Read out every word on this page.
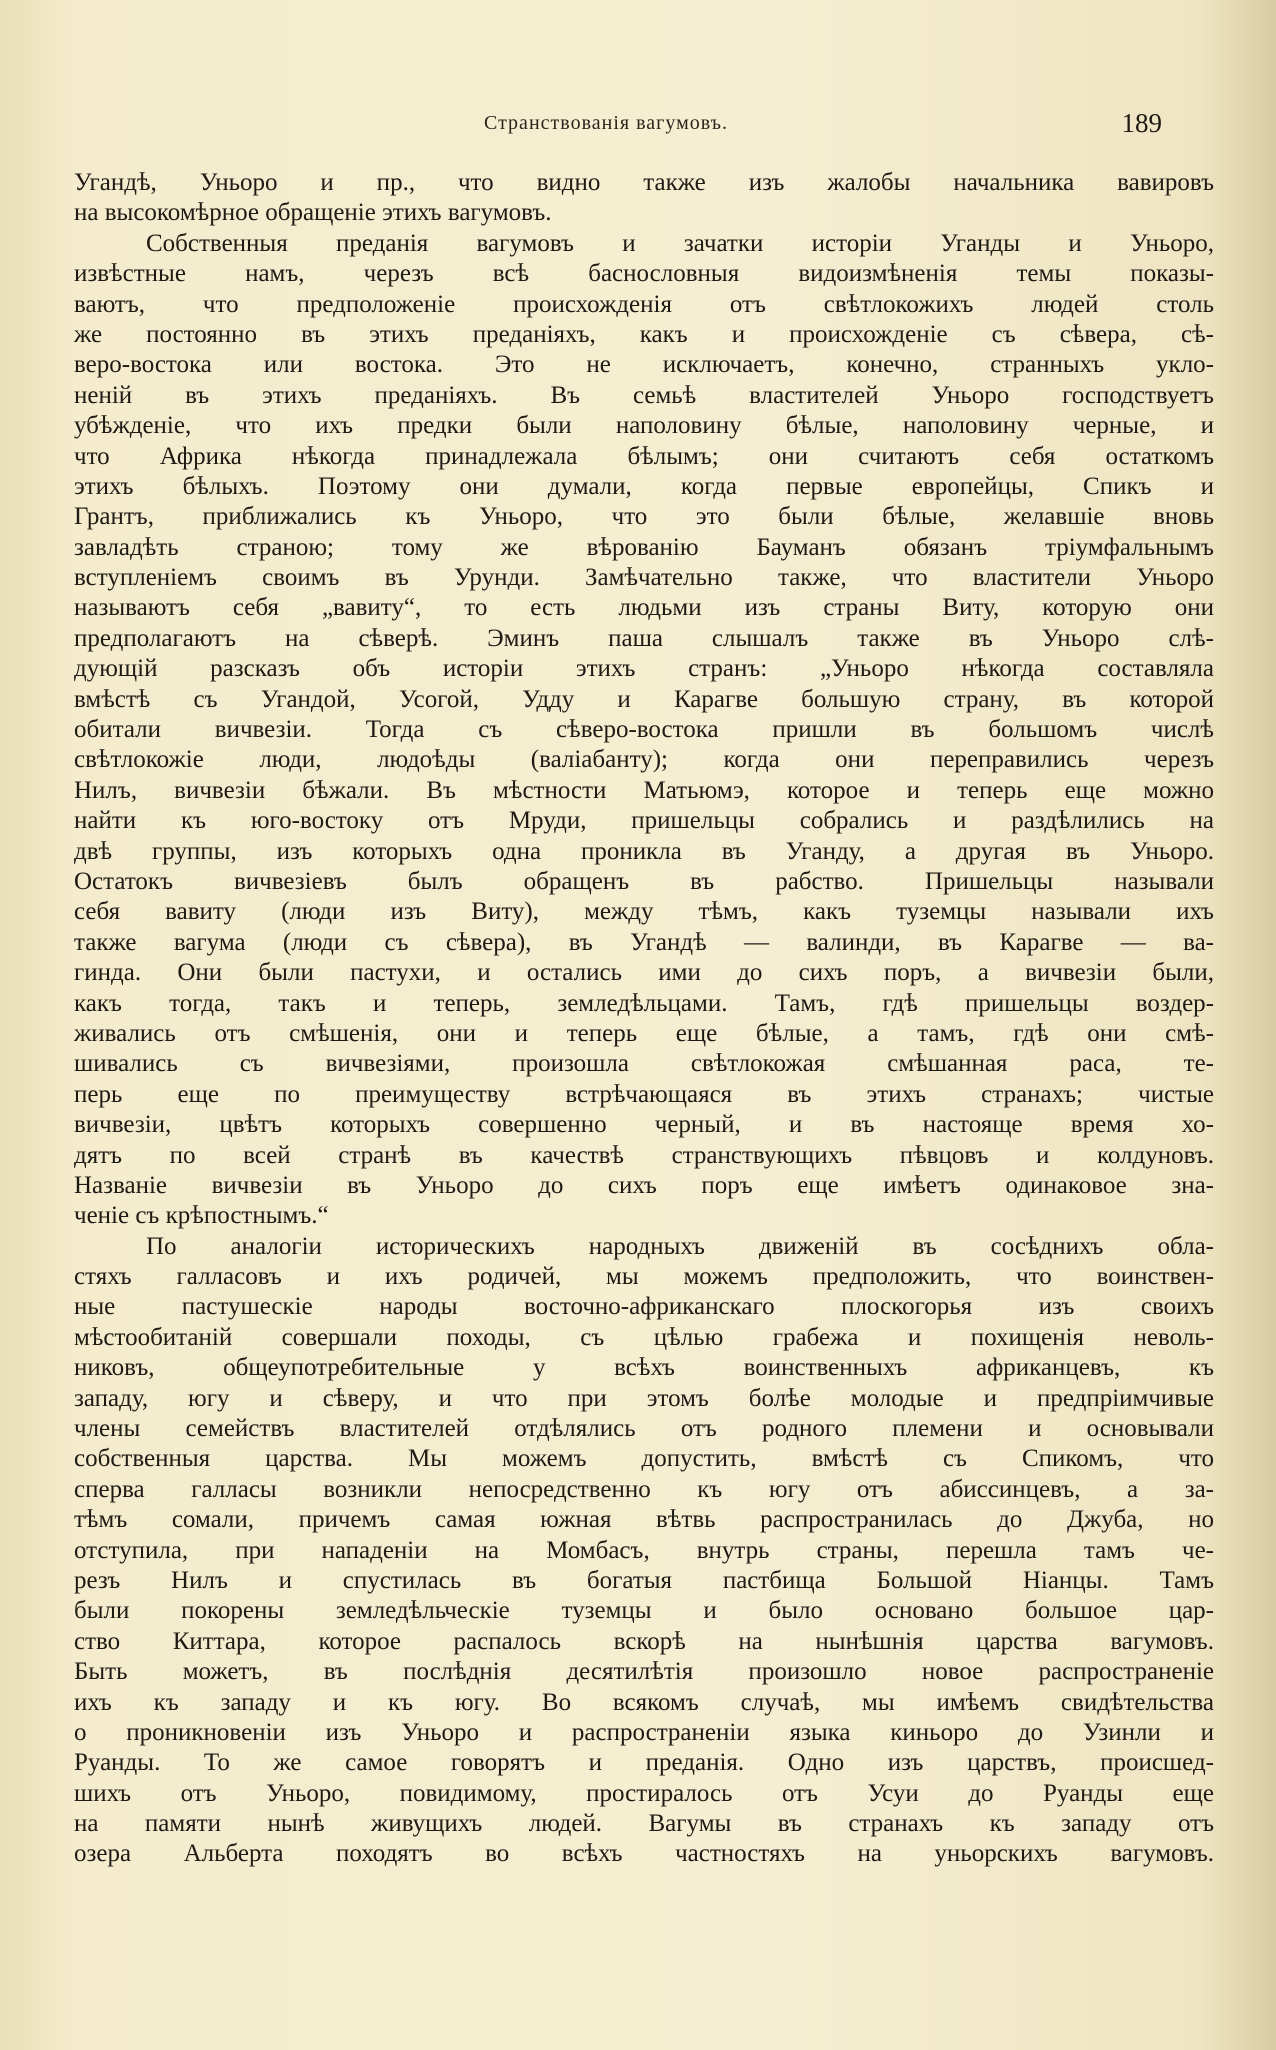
Странствованія вагумовъ.	189
Угандѣ, Уньоро и пр., что видно также изъ жалобы начальника вавировъ
на высокомѣрное обращеніе этихъ вагумовъ.
Собственныя преданія вагумовъ и зачатки исторіи Уганды и Уньоро,
извѣстные намъ, черезъ всѣ баснословныя видоизмѣненія темы показы-
ваютъ, что предположеніе происхожденія отъ свѣтлокожихъ людей столь
же постоянно въ этихъ преданіяхъ, какъ и происхожденіе съ сѣвера, сѣ-
веро-востока или востока. Это не исключаетъ, конечно, странныхъ укло-
неній въ этихъ преданіяхъ. Въ семьѣ властителей Уньоро господствуетъ
убѣжденіе, что ихъ предки были наполовину бѣлые, наполовину черные, и
что Африка нѣкогда принадлежала бѣлымъ; они считаютъ себя остаткомъ
этихъ бѣлыхъ. Поэтому они думали, когда первые европейцы, Спикъ и
Грантъ, приближались къ Уньоро, что это были бѣлые, желавшіе вновь
завладѣть страною; тому же вѣрованію Бауманъ обязанъ тріумфальнымъ
вступленіемъ своимъ въ Урунди. Замѣчательно также, что властители Уньоро
называютъ себя „вавиту“, то есть людьми изъ страны Виту, которую они
предполагаютъ на сѣверѣ. Эминъ паша слышалъ также въ Уньоро слѣ-
дующій разсказъ объ исторіи этихъ странъ: „Уньоро нѣкогда составляла
вмѣстѣ съ Угандой, Усогой, Удду и Карагве большую страну, въ которой
обитали вичвезіи. Тогда съ сѣверо-востока пришли въ большомъ числѣ
свѣтлокожіе люди, людоѣды (валіабанту); когда они переправились черезъ
Нилъ, вичвезіи бѣжали. Въ мѣстности Матьюмэ, которое и теперь еще можно
найти къ юго-востоку отъ Мруди, пришельцы собрались и раздѣлились на
двѣ группы, изъ которыхъ одна проникла въ Уганду, а другая въ Уньоро.
Остатокъ вичвезіевъ былъ обращенъ въ рабство. Пришельцы называли
себя вавиту (люди изъ Виту), между тѣмъ, какъ туземцы называли ихъ
также вагума (люди съ сѣвера), въ Угандѣ — валинди, въ Карагве — ва-
гинда. Они были пастухи, и остались ими до сихъ поръ, а вичвезіи были,
какъ тогда, такъ и теперь, земледѣльцами. Тамъ, гдѣ пришельцы воздер-
живались отъ смѣшенія, они и теперь еще бѣлые, а тамъ, гдѣ они смѣ-
шивались съ вичвезіями, произошла свѣтлокожая смѣшанная раса, те-
перь еще по преимуществу встрѣчающаяся въ этихъ странахъ; чистые
вичвезіи, цвѣтъ которыхъ совершенно черный, и въ настояще время хо-
дятъ по всей странѣ въ качествѣ странствующихъ пѣвцовъ и колдуновъ.
Названіе вичвезіи въ Уньоро до сихъ поръ еще имѣетъ одинаковое зна-
ченіе съ крѣпостнымъ.“
По аналогіи историческихъ народныхъ движеній въ сосѣднихъ обла-
стяхъ галласовъ и ихъ родичей, мы можемъ предположить, что воинствен-
ные пастушескіе народы восточно-африканскаго плоскогорья изъ своихъ
мѣстообитаній совершали походы, съ цѣлью грабежа и похищенія неволь-
никовъ, общеупотребительные у всѣхъ воинственныхъ африканцевъ, къ
западу, югу и сѣверу, и что при этомъ болѣе молодые и предпріимчивые
члены семействъ властителей отдѣлялись отъ родного племени и основывали
собственныя царства. Мы можемъ допустить, вмѣстѣ съ Спикомъ, что
сперва галласы возникли непосредственно къ югу отъ абиссинцевъ, а за-
тѣмъ сомали, причемъ самая южная вѣтвь распространилась до Джуба, но
отступила, при нападеніи на Момбасъ, внутрь страны, перешла тамъ че-
резъ Нилъ и спустилась въ богатыя пастбища Большой Ніанцы. Тамъ
были покорены земледѣльческіе туземцы и было основано большое цар-
ство Киттара, которое распалось вскорѣ на нынѣшнія царства вагумовъ.
Быть можетъ, въ послѣднія десятилѣтія произошло новое распространеніе
ихъ къ западу и къ югу. Во всякомъ случаѣ, мы имѣемъ свидѣтельства
о проникновеніи изъ Уньоро и распространеніи языка киньоро до Узинли и
Руанды. То же самое говорятъ и преданія. Одно изъ царствъ, происшед-
шихъ отъ Уньоро, повидимому, простиралось отъ Усуи до Руанды еще
на памяти нынѣ живущихъ людей. Вагумы въ странахъ къ западу отъ
озера Альберта походятъ во всѣхъ частностяхъ на уньорскихъ вагумовъ.
